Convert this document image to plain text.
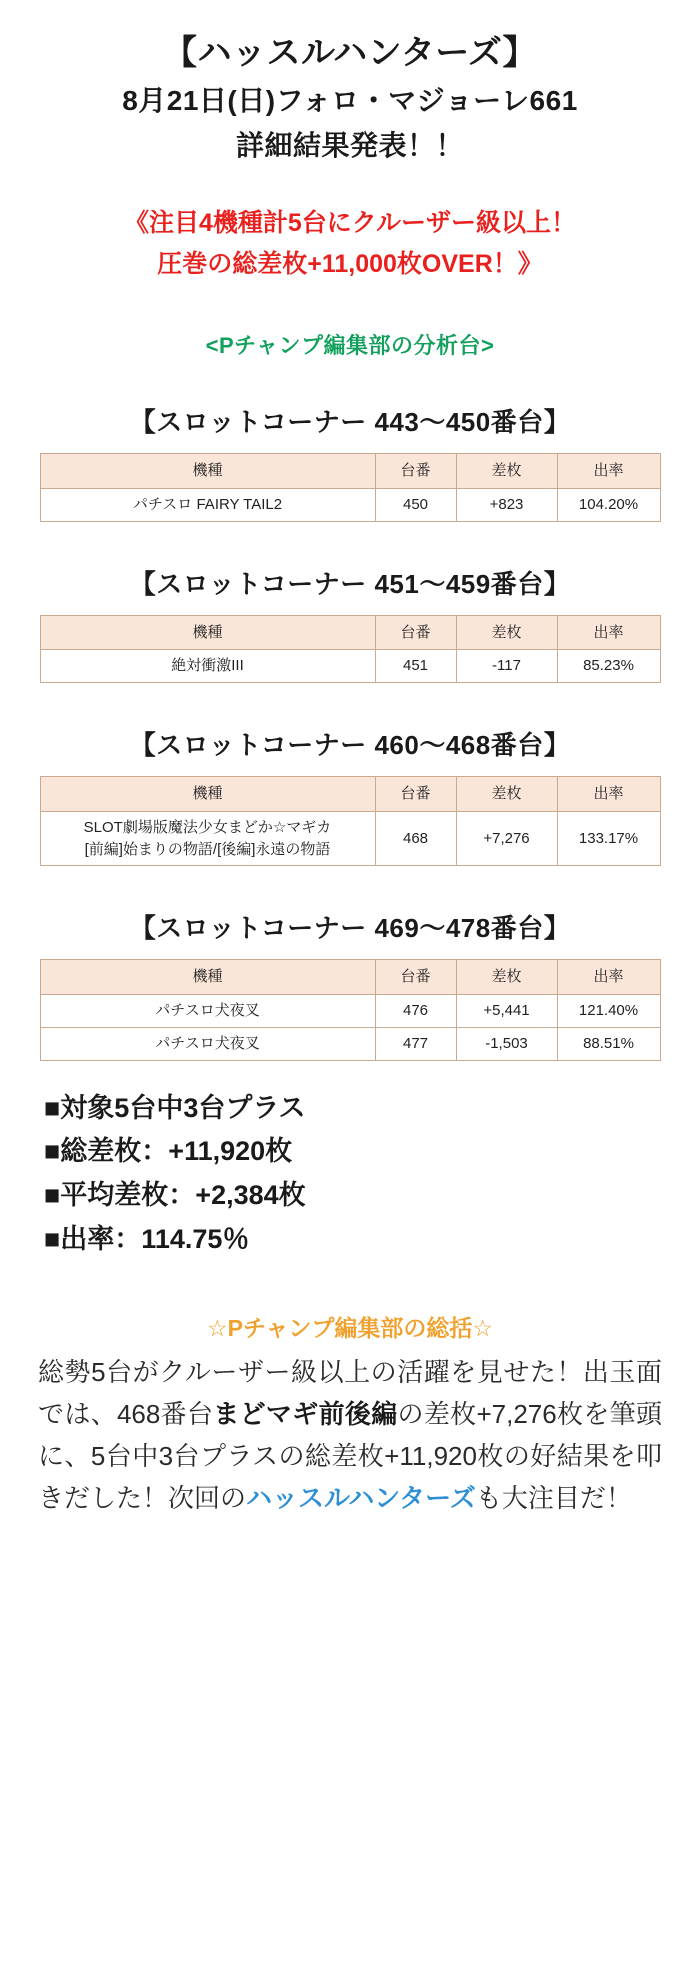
【ハッスルハンターズ】
8月21日(日)フォロ・マジョーレ661
詳細結果発表！！
《注目4機種計5台にクルーザー級以上！
圧巻の総差枚+11,000枚OVER！》
<Pチャンプ編集部の分析台>
【スロットコーナー 443〜450番台】
機種	台番	差枚	出率
パチスロ FAIRY TAIL2	450	+823	104.20%
【スロットコーナー 451〜459番台】
機種	台番	差枚	出率
絶対衝激III	451	-117	85.23%
【スロットコーナー 460〜468番台】
機種	台番	差枚	出率

SLOT劇場版魔法少女まどか☆マギカ
[前編]始まりの物語/[後編]永遠の物語	468	+7,276	133.17%
【スロットコーナー 469〜478番台】
機種	台番	差枚	出率
パチスロ犬夜叉	476	+5,441	121.40%
パチスロ犬夜叉	477	-1,503	88.51%
■対象5台中3台プラス
■総差枚：+11,920枚
■平均差枚：+2,384枚
■出率：114.75％
☆Pチャンプ編集部の総括☆
総勢5台がクルーザー級以上の活躍を見せた！出玉面では、468番台まどマギ前後編の差枚+7,276枚を筆頭に、5台中3台プラスの総差枚+11,920枚の好結果を叩きだした！次回のハッスルハンターズも大注目だ！
